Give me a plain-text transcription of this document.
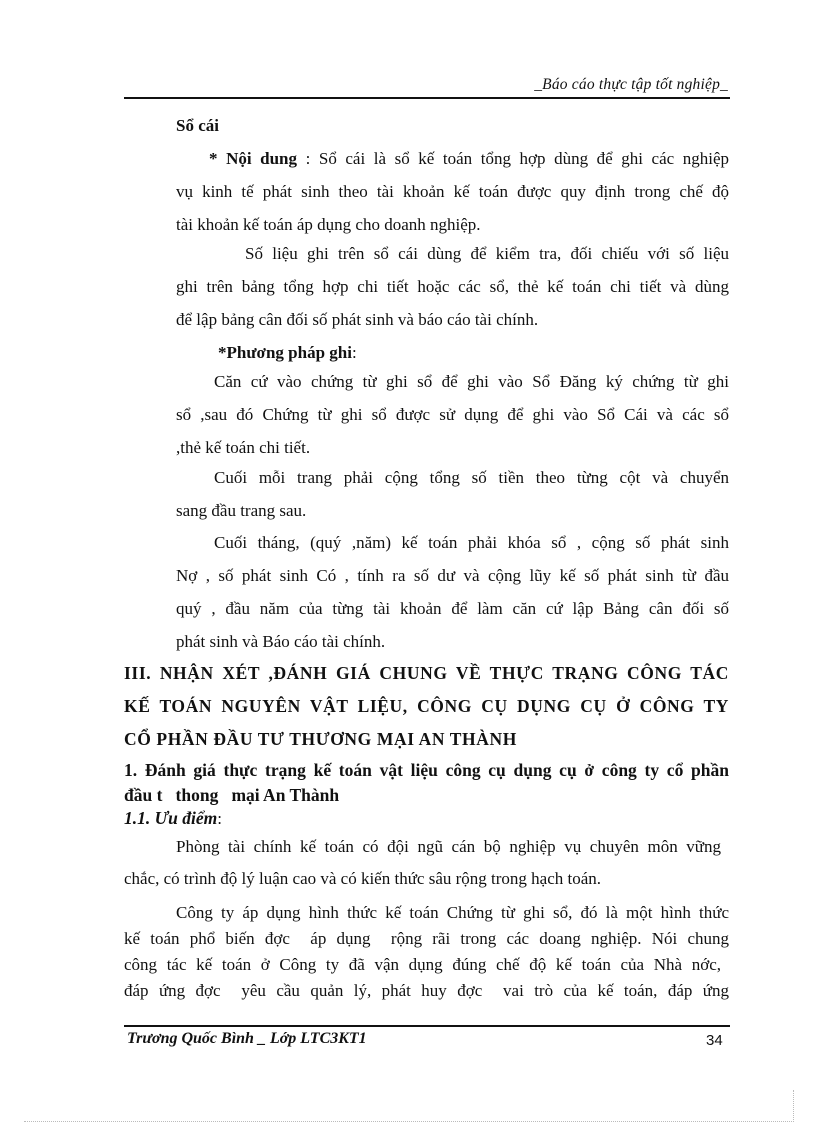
_Báo cáo thực tập tốt nghiệp_
Sổ cái
* Nội dung : Sổ cái là sổ kế toán tổng hợp dùng để ghi các nghiệp
vụ kinh tế phát sinh theo tài khoản kế toán được quy định trong chế độ
tài khoản kế toán áp dụng cho doanh nghiệp.
Số liệu ghi trên sổ cái dùng để kiểm tra, đối chiếu với số liệu
ghi trên bảng tổng hợp chi tiết hoặc các sổ, thẻ kế toán chi tiết và dùng
để lập bảng cân đối số phát sinh và báo cáo tài chính.
*Phương pháp ghi:
Căn cứ vào chứng từ ghi sổ để ghi vào Sổ Đăng ký chứng từ ghi
sổ ,sau đó Chứng từ ghi sổ được sử dụng để ghi vào Sổ Cái và các sổ
,thẻ kế toán chi tiết.
Cuối mỗi trang phải cộng tổng số tiền theo từng cột và chuyển
sang đầu trang sau.
Cuối tháng, (quý ,năm) kế toán phải khóa sổ , cộng số phát sinh
Nợ , số phát sinh Có , tính ra số dư và cộng lũy kế số phát sinh từ đầu
quý , đầu năm của từng tài khoản để làm căn cứ lập Bảng cân đối số
phát sinh và Báo cáo tài chính.
III. NHẬN XÉT ,ĐÁNH GIÁ CHUNG VỀ THỰC TRẠNG CÔNG TÁC
KẾ TOÁN NGUYÊN VẬT LIỆU, CÔNG CỤ DỤNG CỤ Ở CÔNG TY
CỔ PHẦN ĐẦU TƯ THƯƠNG MẠI AN THÀNH
1. Đánh giá thực trạng kế toán vật liệu công cụ dụng cụ ở công ty cổ phần
đầu t   thong   mại An Thành
1.1. Ưu điểm:
Phòng tài chính kế toán có đội ngũ cán bộ nghiệp vụ chuyên môn vững
chắc, có trình độ lý luận cao và có kiến thức sâu rộng trong hạch toán.
Công ty áp dụng hình thức kế toán Chứng từ ghi sổ, đó là một hình thức
kế toán phổ biến đợc  áp dụng  rộng rãi trong các doang nghiệp. Nói chung
công tác kế toán ở Công ty đã vận dụng đúng chế độ kế toán của Nhà nớc,
đáp ứng đợc  yêu cầu quản lý, phát huy đợc  vai trò của kế toán, đáp ứng
Trương Quốc Bình _ Lớp LTC3KT1	34
